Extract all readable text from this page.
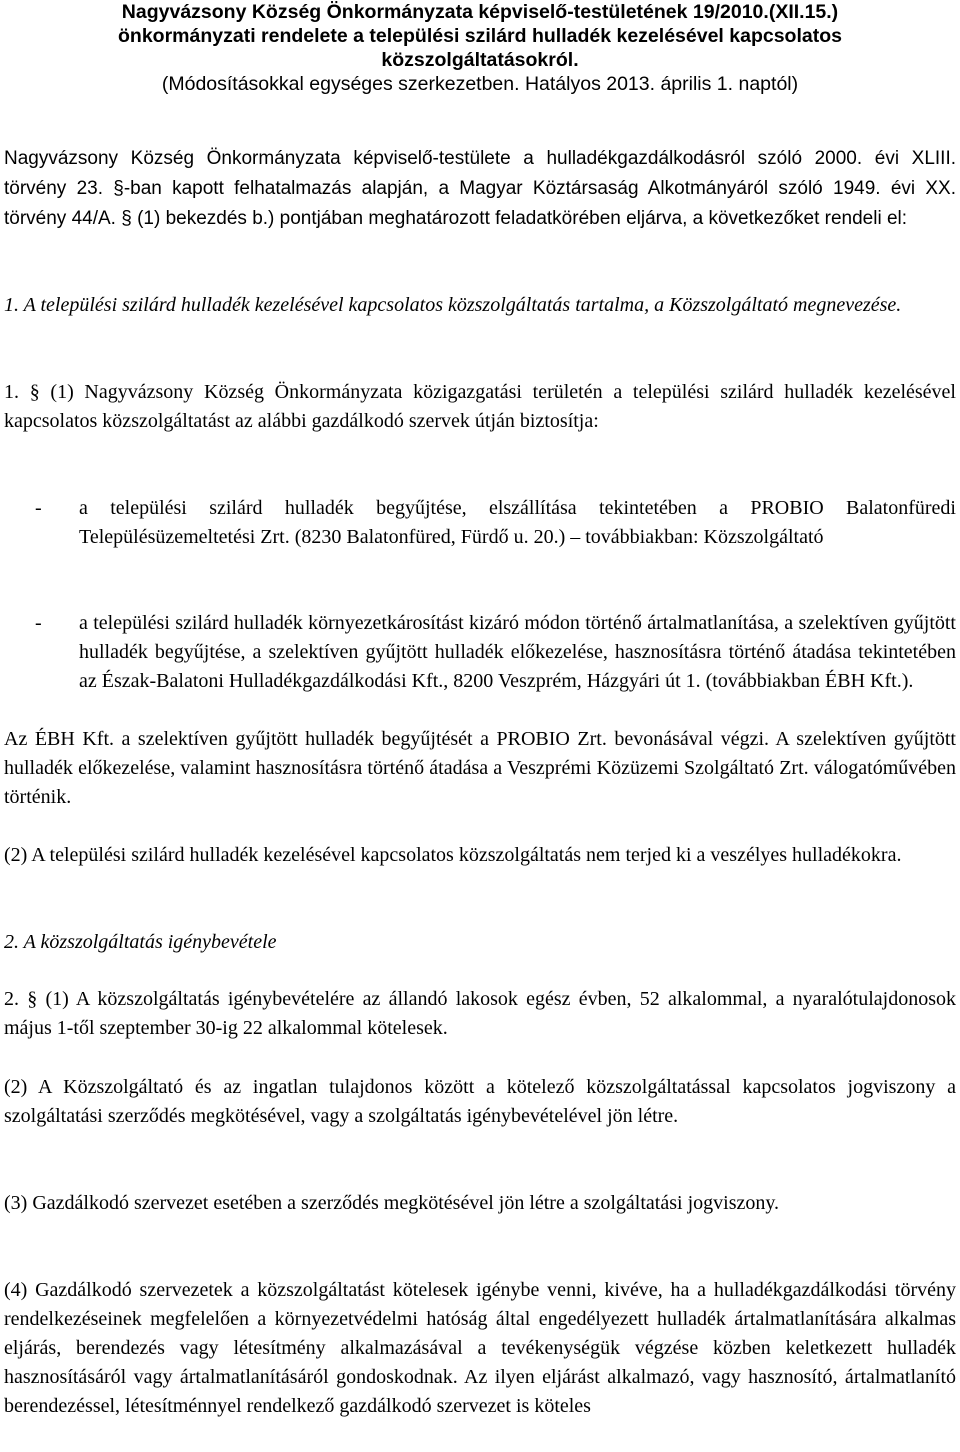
Nagyvázsony Község Önkormányzata képviselő-testületének 19/2010.(XII.15.)
önkormányzati rendelete a települési szilárd hulladék kezelésével kapcsolatos
közszolgáltatásokról.
(Módosításokkal egységes szerkezetben. Hatályos 2013. április 1. naptól)

Nagyvázsony Község Önkormányzata képviselő-testülete a hulladékgazdálkodásról szóló 2000. évi XLIII. törvény 23. §-ban kapott felhatalmazás alapján, a Magyar Köztársaság Alkotmányáról szóló 1949. évi XX. törvény 44/A. § (1) bekezdés b.) pontjában meghatározott feladatkörében eljárva, a következőket rendeli el:

1. A települési szilárd hulladék kezelésével kapcsolatos közszolgáltatás tartalma, a Közszolgáltató megnevezése.

1. § (1) Nagyvázsony Község Önkormányzata közigazgatási területén a települési szilárd hulladék kezelésével kapcsolatos közszolgáltatást az alábbi gazdálkodó szervek útján biztosítja:

- a települési szilárd hulladék begyűjtése, elszállítása tekintetében a PROBIO Balatonfüredi Településüzemeltetési Zrt. (8230 Balatonfüred, Fürdő u. 20.) – továbbiakban: Közszolgáltató

- a települési szilárd hulladék környezetkárosítást kizáró módon történő ártalmatlanítása, a szelektíven gyűjtött hulladék begyűjtése, a szelektíven gyűjtött hulladék előkezelése, hasznosításra történő átadása tekintetében az Észak-Balatoni Hulladékgazdálkodási Kft., 8200 Veszprém, Házgyári út 1. (továbbiakban ÉBH Kft.).

Az ÉBH Kft. a szelektíven gyűjtött hulladék begyűjtését a PROBIO Zrt. bevonásával végzi. A szelektíven gyűjtött hulladék előkezelése, valamint hasznosításra történő átadása a Veszprémi Közüzemi Szolgáltató Zrt. válogatóművében történik.

(2) A települési szilárd hulladék kezelésével kapcsolatos közszolgáltatás nem terjed ki a veszélyes hulladékokra.

2. A közszolgáltatás igénybevétele

2. § (1) A közszolgáltatás igénybevételére az állandó lakosok egész évben, 52 alkalommal, a nyaralótulajdonosok május 1-től szeptember 30-ig 22 alkalommal kötelesek.

(2) A Közszolgáltató és az ingatlan tulajdonos között a kötelező közszolgáltatással kapcsolatos jogviszony a szolgáltatási szerződés megkötésével, vagy a szolgáltatás igénybevételével jön létre.

(3) Gazdálkodó szervezet esetében a szerződés megkötésével jön létre a szolgáltatási jogviszony.

(4) Gazdálkodó szervezetek a közszolgáltatást kötelesek igénybe venni, kivéve, ha a hulladékgazdálkodási törvény rendelkezéseinek megfelelően a környezetvédelmi hatóság által engedélyezett hulladék ártalmatlanítására alkalmas eljárás, berendezés vagy létesítmény alkalmazásával a tevékenységük végzése közben keletkezett hulladék hasznosításáról vagy ártalmatlanításáról gondoskodnak. Az ilyen eljárást alkalmazó, vagy hasznosító, ártalmatlanító berendezéssel, létesítménnyel rendelkező gazdálkodó szervezet is köteles
